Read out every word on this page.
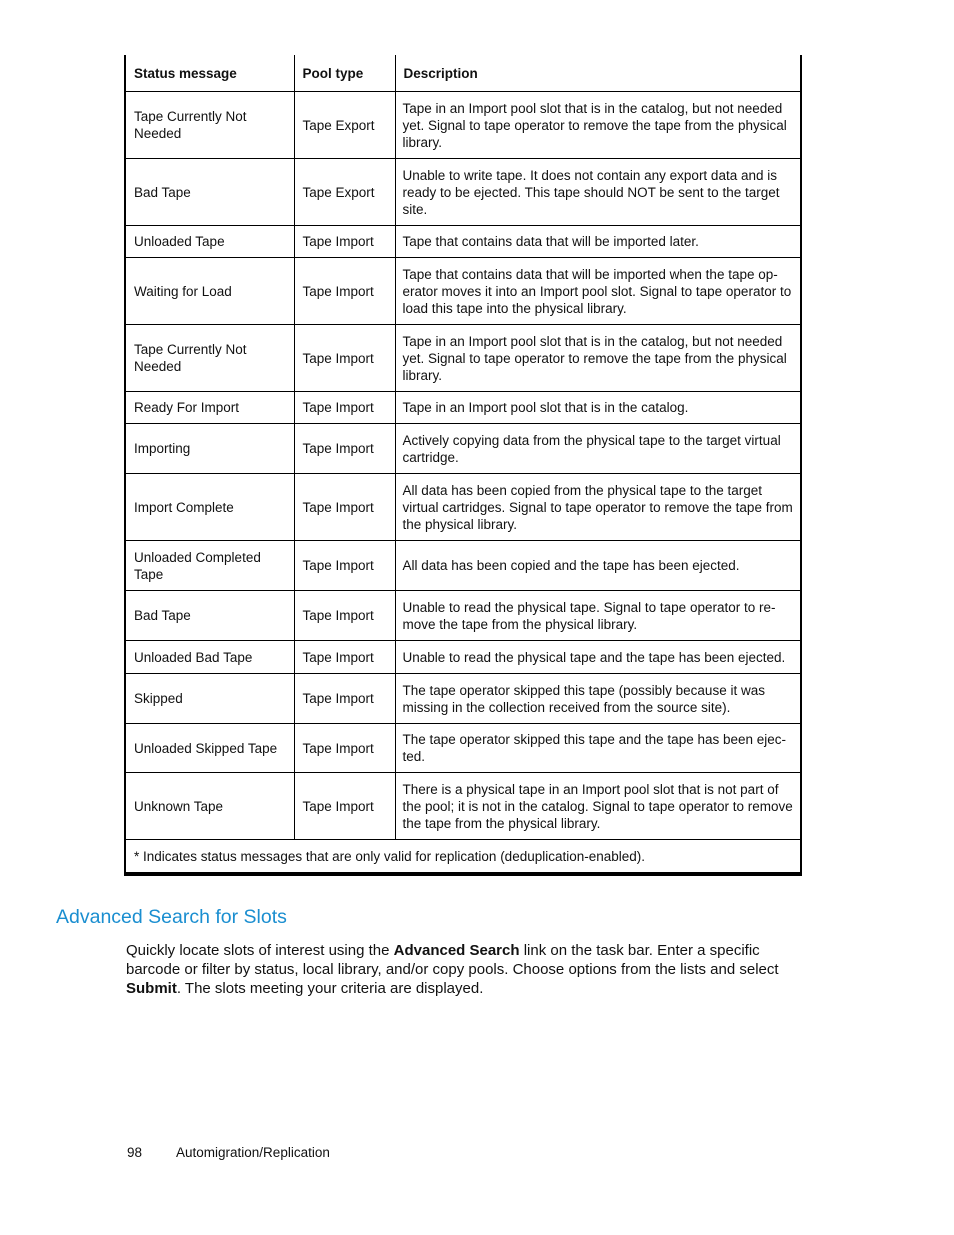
Status message	Pool type	Description
Tape Currently Not Needed	Tape Export	Tape in an Import pool slot that is in the catalog, but not needed yet. Signal to tape operator to remove the tape from the physical library.
Bad Tape	Tape Export	Unable to write tape. It does not contain any export data and is ready to be ejected. This tape should NOT be sent to the target site.
Unloaded Tape	Tape Import	Tape that contains data that will be imported later.
Waiting for Load	Tape Import	Tape that contains data that will be imported when the tape op-erator moves it into an Import pool slot. Signal to tape operator to load this tape into the physical library.
Tape Currently Not Needed	Tape Import	Tape in an Import pool slot that is in the catalog, but not needed yet. Signal to tape operator to remove the tape from the physical library.
Ready For Import	Tape Import	Tape in an Import pool slot that is in the catalog.
Importing	Tape Import	Actively copying data from the physical tape to the target virtual cartridge.
Import Complete	Tape Import	All data has been copied from the physical tape to the target virtual cartridges. Signal to tape operator to remove the tape from the physical library.
Unloaded Completed Tape	Tape Import	All data has been copied and the tape has been ejected.
Bad Tape	Tape Import	Unable to read the physical tape. Signal to tape operator to re-move the tape from the physical library.
Unloaded Bad Tape	Tape Import	Unable to read the physical tape and the tape has been ejected.
Skipped	Tape Import	The tape operator skipped this tape (possibly because it was missing in the collection received from the source site).
Unloaded Skipped Tape	Tape Import	The tape operator skipped this tape and the tape has been ejec-ted.
Unknown Tape	Tape Import	There is a physical tape in an Import pool slot that is not part of the pool; it is not in the catalog. Signal to tape operator to remove the tape from the physical library.
* Indicates status messages that are only valid for replication (deduplication-enabled).		
Advanced Search for Slots

Quickly locate slots of interest using the Advanced Search link on the task bar. Enter a specific barcode or filter by status, local library, and/or copy pools. Choose options from the lists and select Submit. The slots meeting your criteria are displayed.

98	Automigration/Replication
